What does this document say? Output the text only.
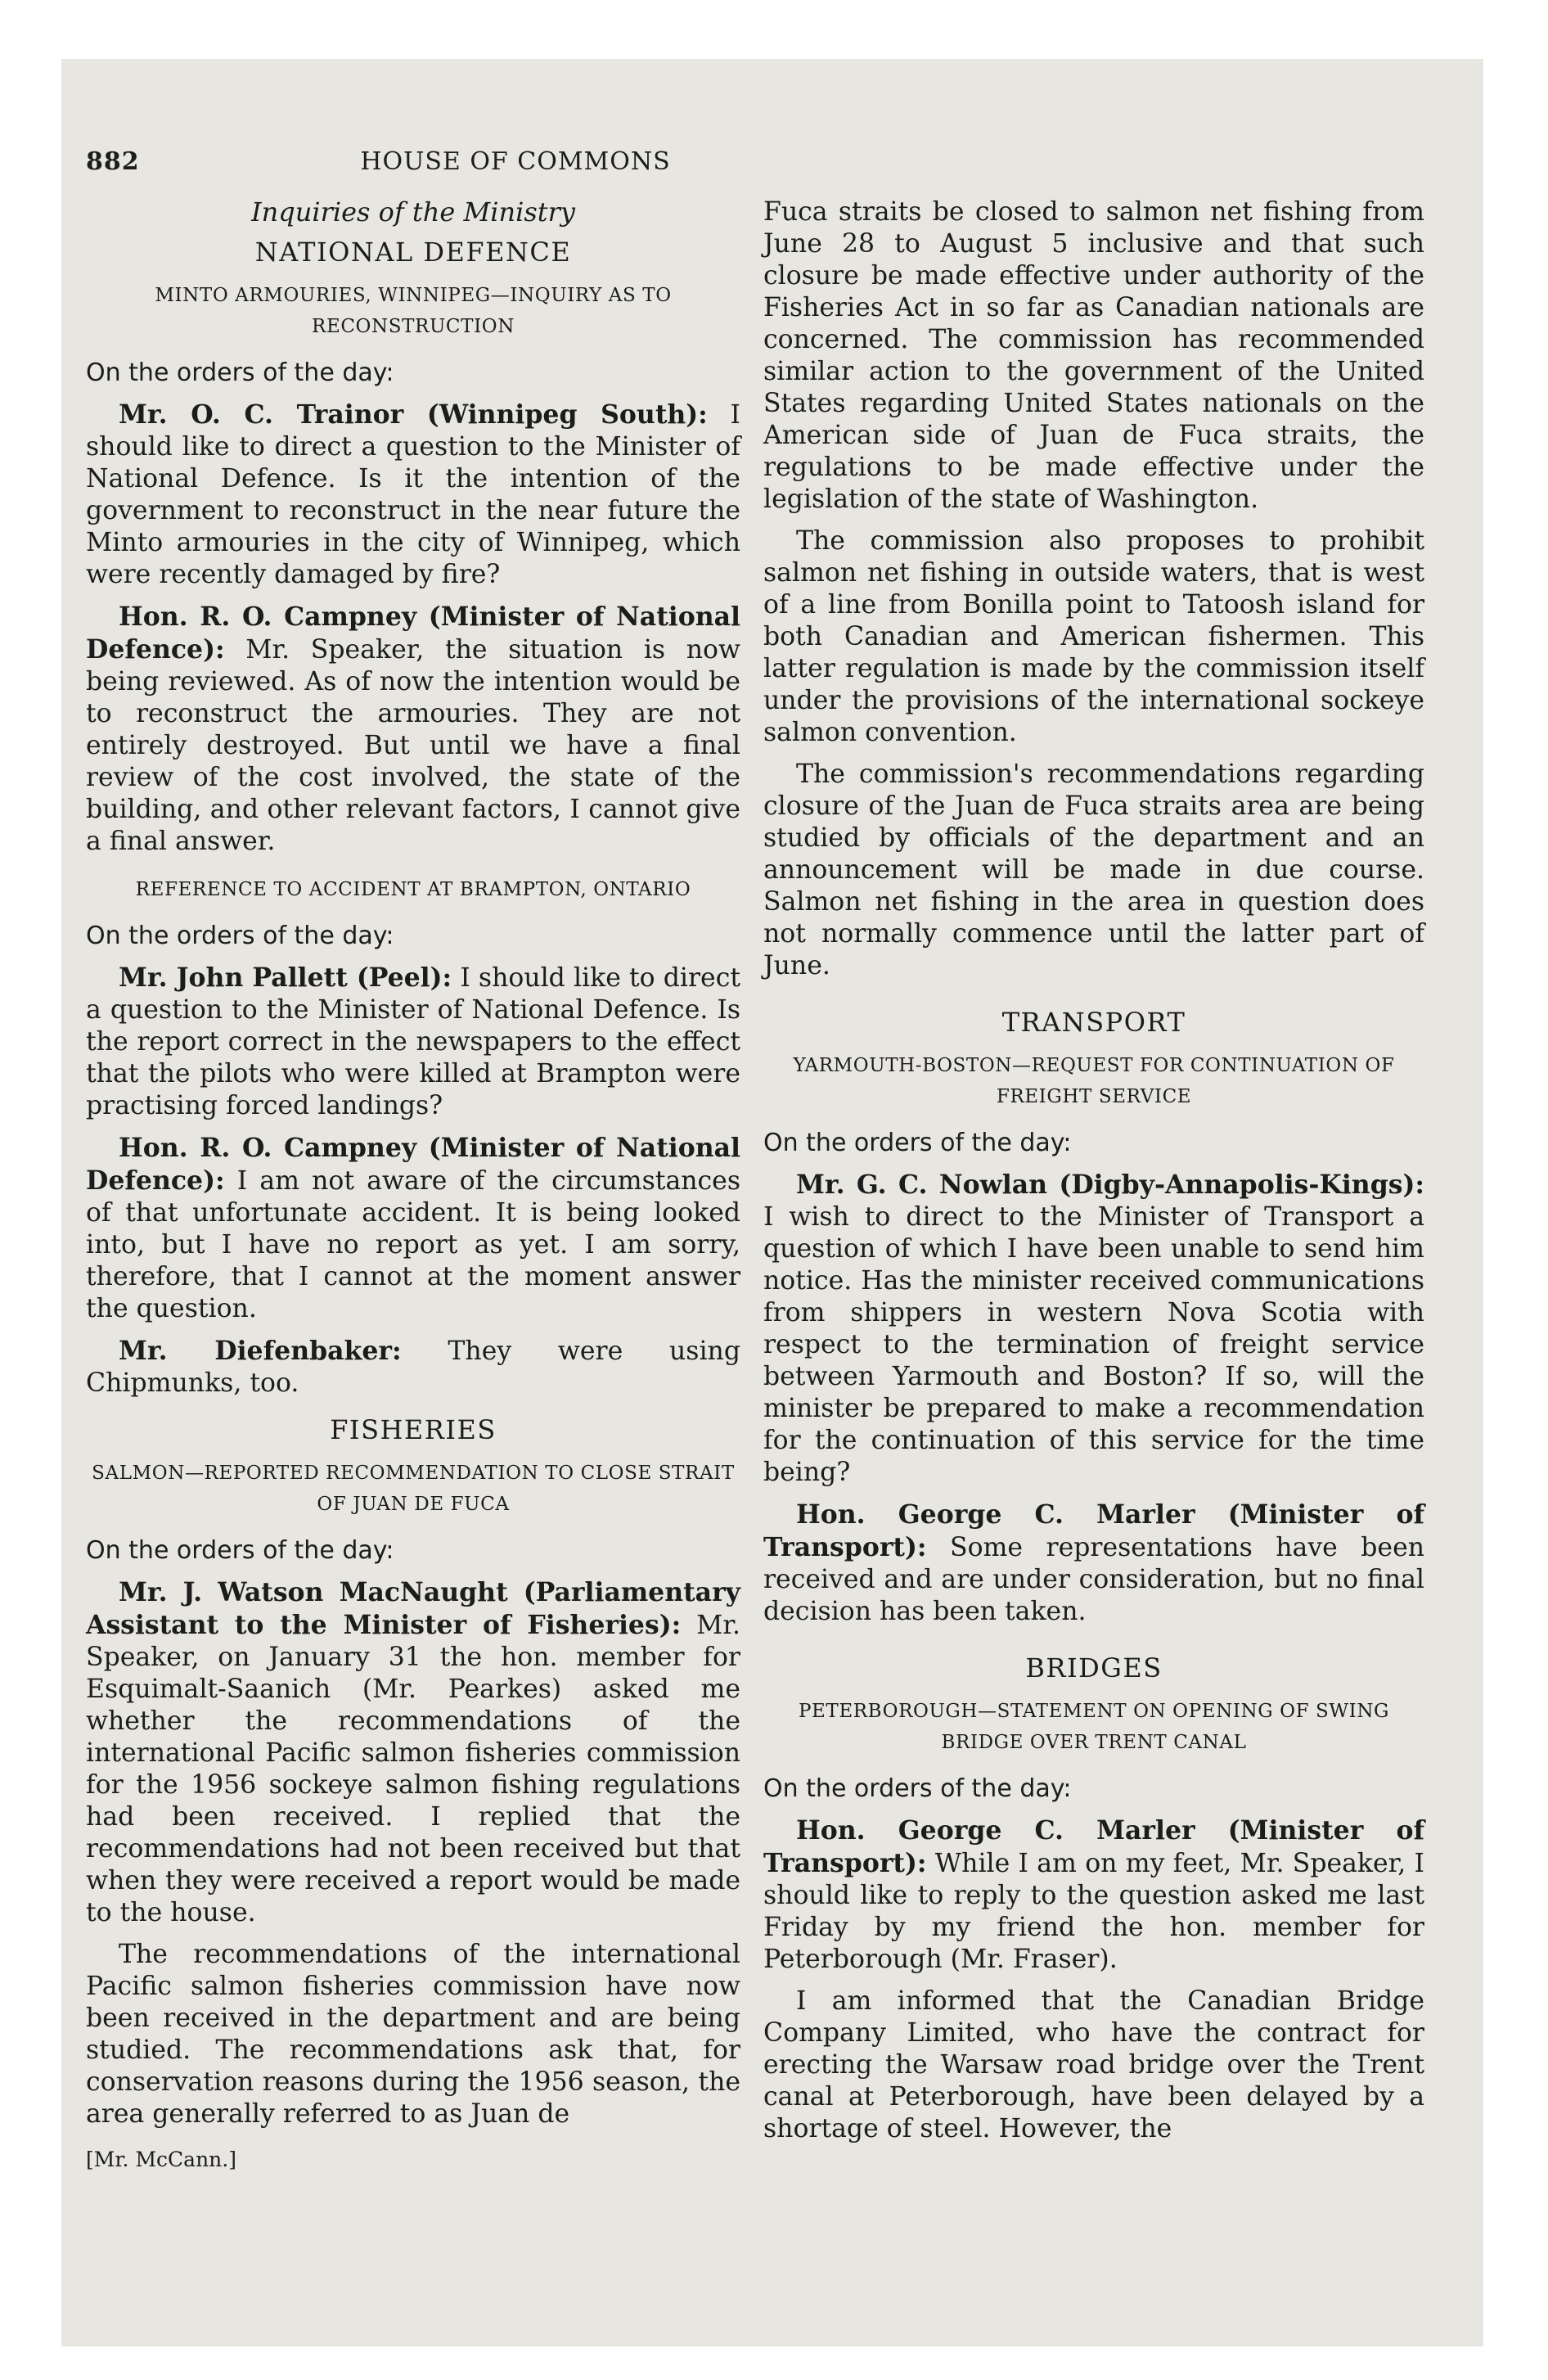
882	HOUSE OF COMMONS
Inquiries of the Ministry
NATIONAL DEFENCE
MINTO ARMOURIES, WINNIPEG—INQUIRY AS TO RECONSTRUCTION

On the orders of the day:

Mr. O. C. Trainor (Winnipeg South): I should like to direct a question to the Minister of National Defence. Is it the intention of the government to reconstruct in the near future the Minto armouries in the city of Winnipeg, which were recently damaged by fire?

Hon. R. O. Campney (Minister of National Defence): Mr. Speaker, the situation is now being reviewed. As of now the intention would be to reconstruct the armouries. They are not entirely destroyed. But until we have a final review of the cost involved, the state of the building, and other relevant factors, I cannot give a final answer.

REFERENCE TO ACCIDENT AT BRAMPTON, ONTARIO

On the orders of the day:

Mr. John Pallett (Peel): I should like to direct a question to the Minister of National Defence. Is the report correct in the newspapers to the effect that the pilots who were killed at Brampton were practising forced landings?

Hon. R. O. Campney (Minister of National Defence): I am not aware of the circumstances of that unfortunate accident. It is being looked into, but I have no report as yet. I am sorry, therefore, that I cannot at the moment answer the question.

Mr. Diefenbaker: They were using Chipmunks, too.

FISHERIES
SALMON—REPORTED RECOMMENDATION TO CLOSE STRAIT OF JUAN DE FUCA

On the orders of the day:

Mr. J. Watson MacNaught (Parliamentary Assistant to the Minister of Fisheries): Mr. Speaker, on January 31 the hon. member for Esquimalt-Saanich (Mr. Pearkes) asked me whether the recommendations of the international Pacific salmon fisheries commission for the 1956 sockeye salmon fishing regulations had been received. I replied that the recommendations had not been received but that when they were received a report would be made to the house.

The recommendations of the international Pacific salmon fisheries commission have now been received in the department and are being studied. The recommendations ask that, for conservation reasons during the 1956 season, the area generally referred to as Juan de

[Mr. McCann.]

Fuca straits be closed to salmon net fishing from June 28 to August 5 inclusive and that such closure be made effective under authority of the Fisheries Act in so far as Canadian nationals are concerned. The commission has recommended similar action to the government of the United States regarding United States nationals on the American side of Juan de Fuca straits, the regulations to be made effective under the legislation of the state of Washington.

The commission also proposes to prohibit salmon net fishing in outside waters, that is west of a line from Bonilla point to Tatoosh island for both Canadian and American fishermen. This latter regulation is made by the commission itself under the provisions of the international sockeye salmon convention.

The commission's recommendations regarding closure of the Juan de Fuca straits area are being studied by officials of the department and an announcement will be made in due course. Salmon net fishing in the area in question does not normally commence until the latter part of June.

TRANSPORT
YARMOUTH-BOSTON—REQUEST FOR CONTINUATION OF FREIGHT SERVICE

On the orders of the day:

Mr. G. C. Nowlan (Digby-Annapolis-Kings): I wish to direct to the Minister of Transport a question of which I have been unable to send him notice. Has the minister received communications from shippers in western Nova Scotia with respect to the termination of freight service between Yarmouth and Boston? If so, will the minister be prepared to make a recommendation for the continuation of this service for the time being?

Hon. George C. Marler (Minister of Transport): Some representations have been received and are under consideration, but no final decision has been taken.

BRIDGES
PETERBOROUGH—STATEMENT ON OPENING OF SWING BRIDGE OVER TRENT CANAL

On the orders of the day:

Hon. George C. Marler (Minister of Transport): While I am on my feet, Mr. Speaker, I should like to reply to the question asked me last Friday by my friend the hon. member for Peterborough (Mr. Fraser).

I am informed that the Canadian Bridge Company Limited, who have the contract for erecting the Warsaw road bridge over the Trent canal at Peterborough, have been delayed by a shortage of steel. However, the
